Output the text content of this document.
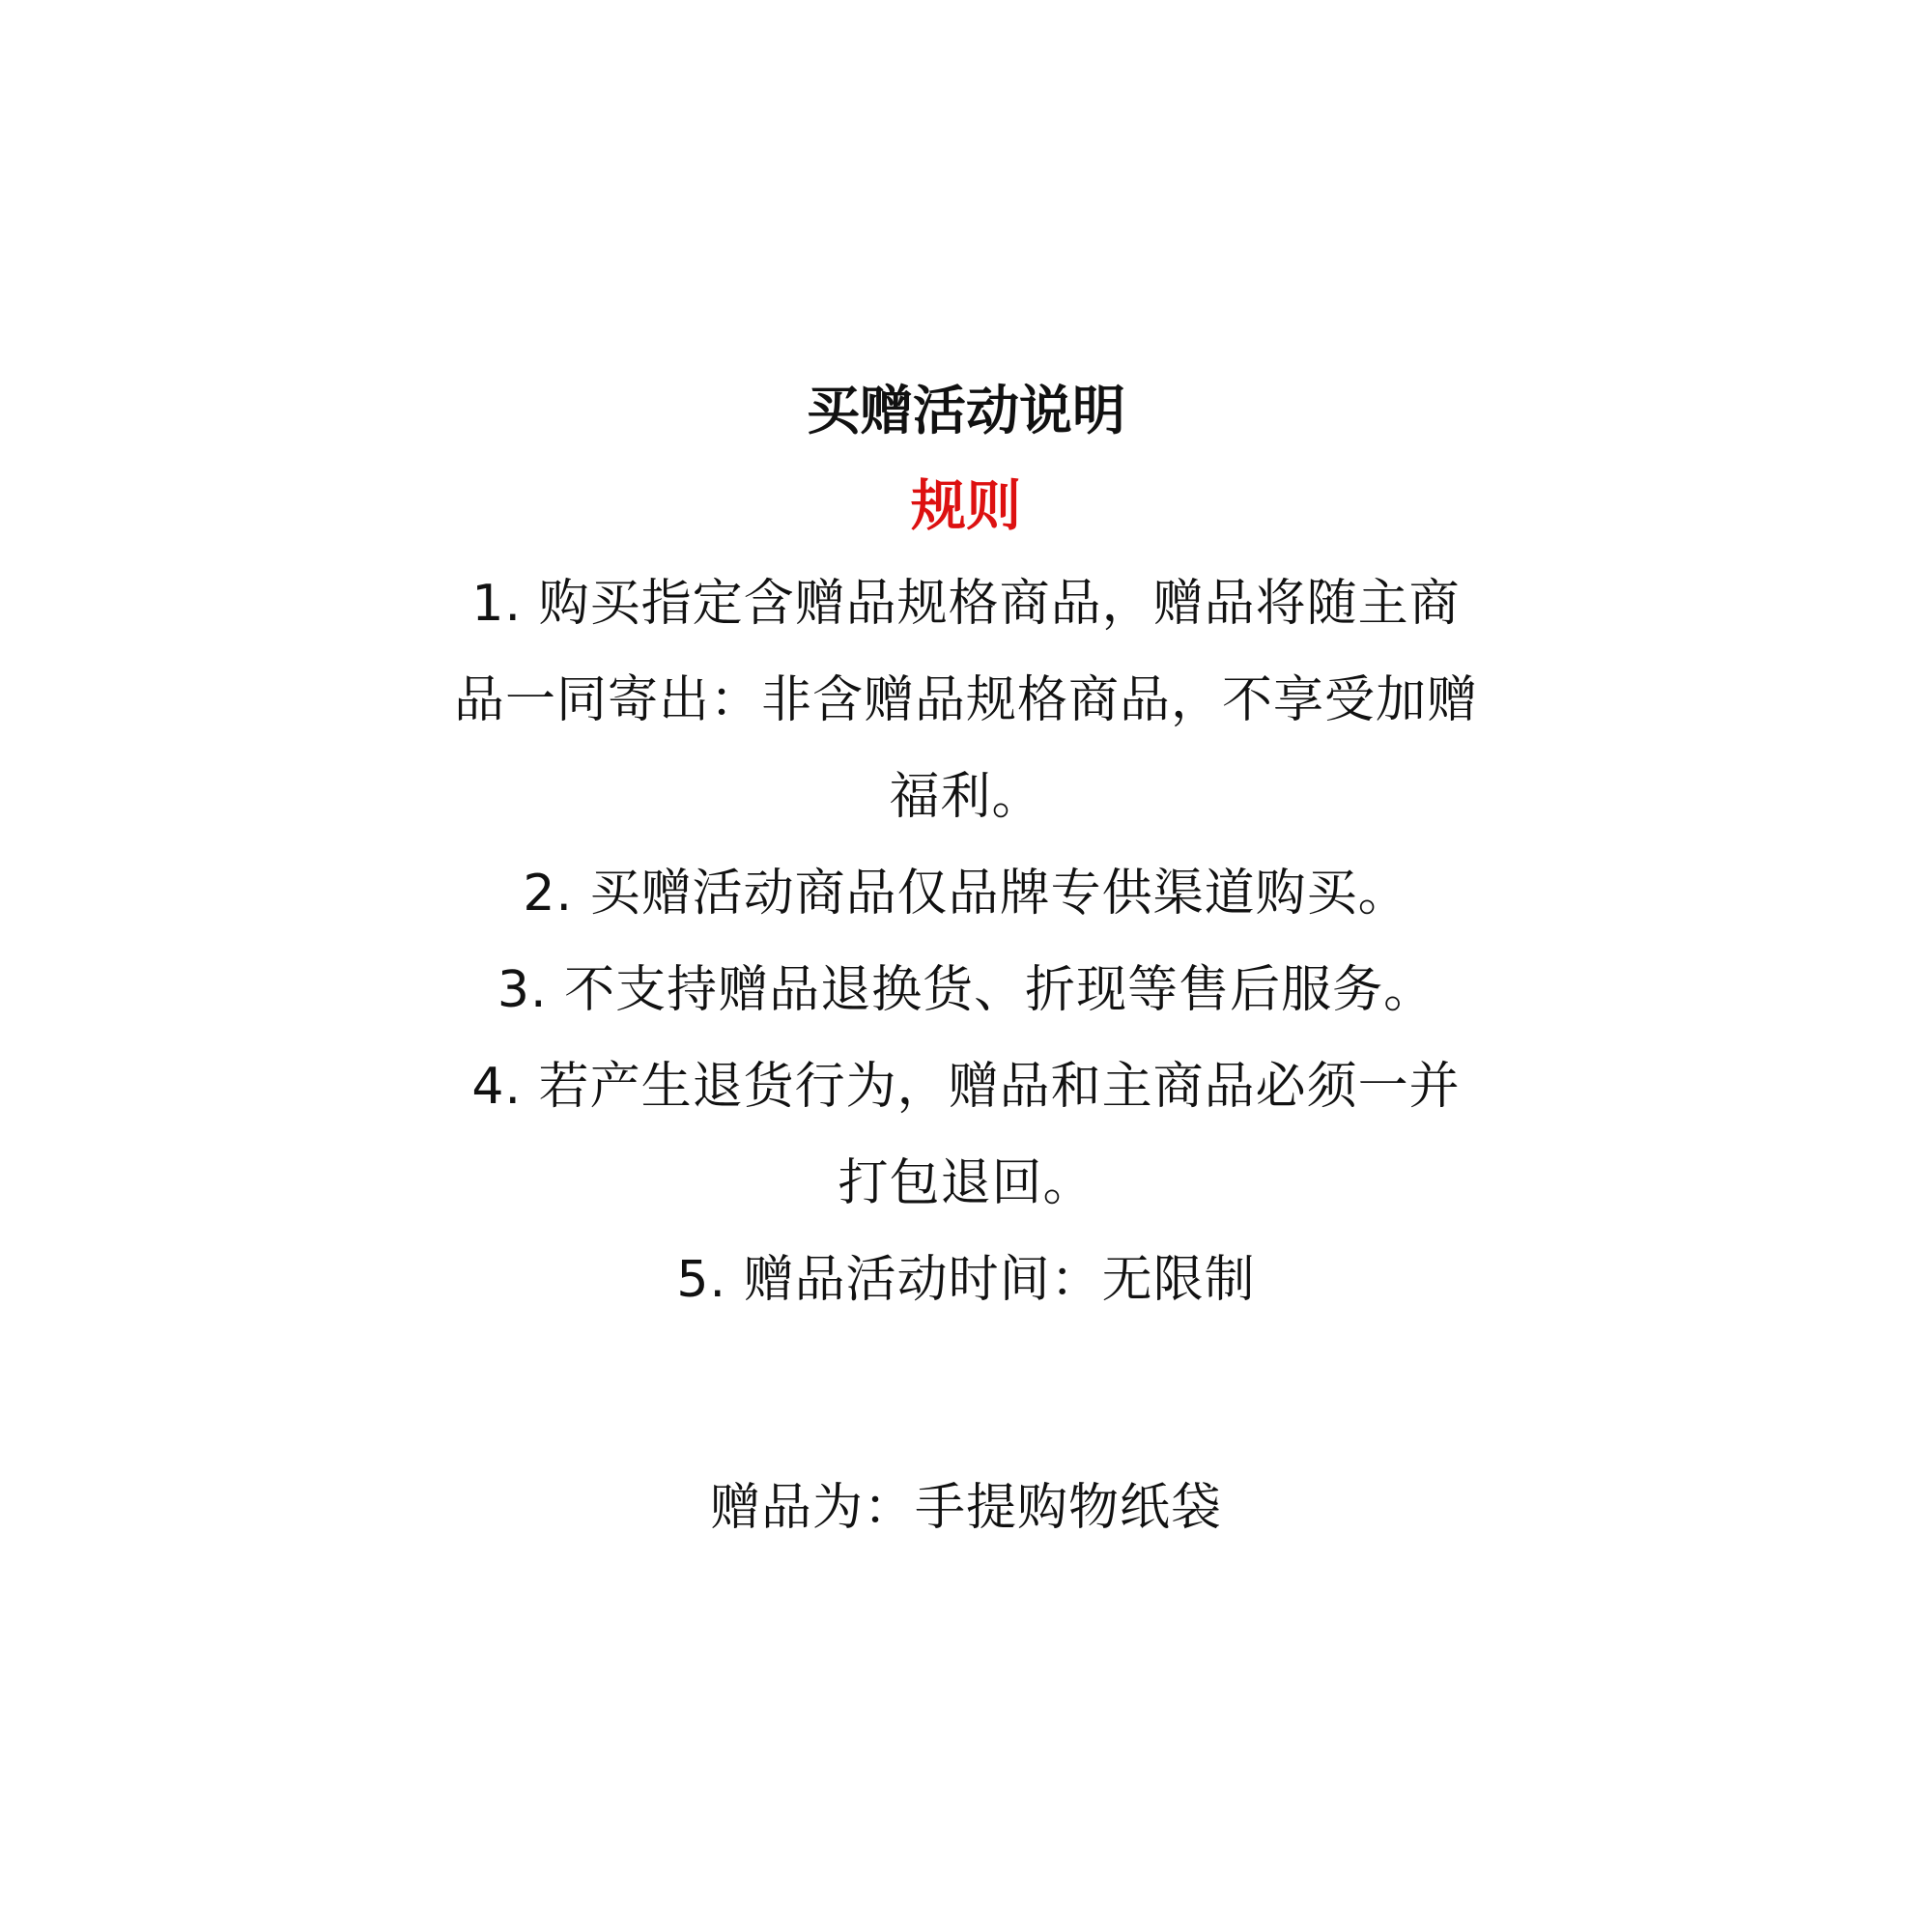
买赠活动说明
规则
1. 购买指定含赠品规格商品，赠品将随主商
品一同寄出：非含赠品规格商品，不享受加赠
福利。
2. 买赠活动商品仅品牌专供渠道购买。
3. 不支持赠品退换货、折现等售后服务。
4. 若产生退货行为，赠品和主商品必须一并
打包退回。
5. 赠品活动时间：无限制
赠品为：手提购物纸袋
